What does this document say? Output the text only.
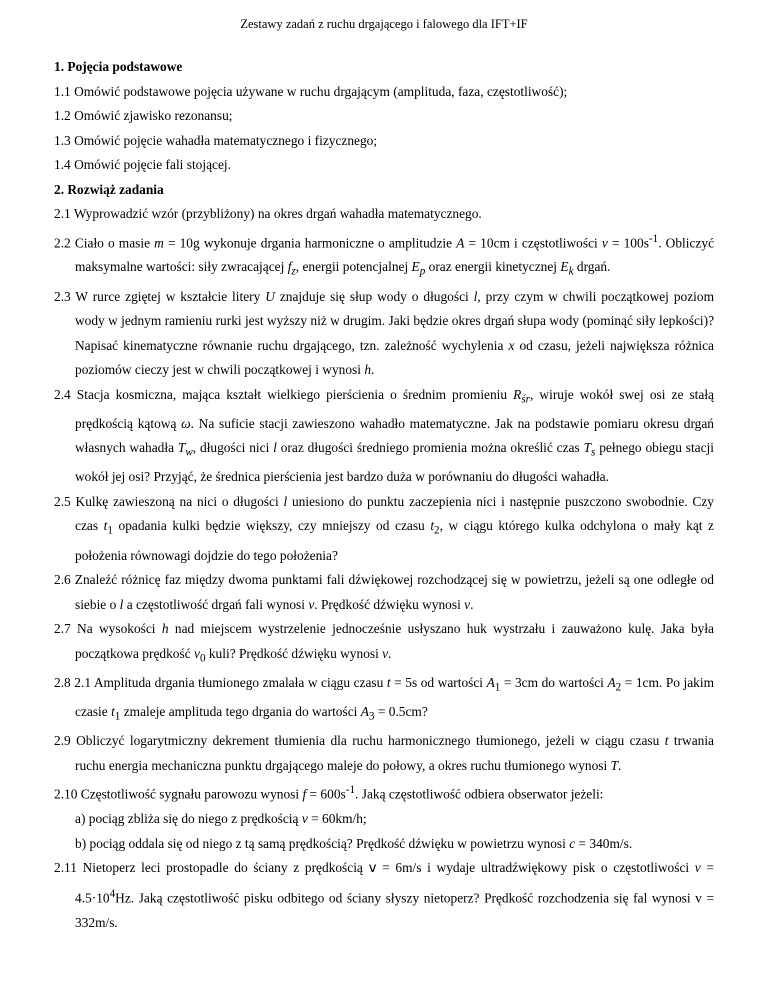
Zestawy zadań z ruchu drgającego i falowego dla IFT+IF

1. Pojęcia podstawowe

1.1 Omówić podstawowe pojęcia używane w ruchu drgającym (amplituda, faza, częstotliwość);

1.2 Omówić zjawisko rezonansu;

1.3 Omówić pojęcie wahadła matematycznego i fizycznego;

1.4 Omówić pojęcie fali stojącej.

2. Rozwiąż zadania

2.1 Wyprowadzić wzór (przybliżony) na okres drgań wahadła matematycznego.

2.2 Ciało o masie m = 10g wykonuje drgania harmoniczne o amplitudzie A = 10cm i częstotliwości $\nu = 100s^{-1}$. Obliczyć maksymalne wartości: siły zwracającej $f_z$, energii potencjalnej $E_p$ oraz energii kinetycznej $E_k$ drgań.

2.3 W rurce zgiętej w kształcie litery U znajduje się słup wody o długości l, przy czym w chwili początkowej poziom wody w jednym ramieniu rurki jest wyższy niż w drugim. Jaki będzie okres drgań słupa wody (pominąć siły lepkości)? Napisać kinematyczne równanie ruchu drgającego, tzn. zależność wychylenia x od czasu, jeżeli największa różnica poziomów cieczy jest w chwili początkowej i wynosi h.

2.4 Stacja kosmiczna, mająca kształt wielkiego pierścienia o średnim promieniu $R_{śr}$, wiruje wokół swej osi ze stałą prędkością kątową ω. Na suficie stacji zawieszono wahadło matematyczne. Jak na podstawie pomiaru okresu drgań własnych wahadła $T_w$, długości nici l oraz długości średniego promienia można określić czas $T_s$ pełnego obiegu stacji wokół jej osi? Przyjąć, że średnica pierścienia jest bardzo duża w porównaniu do długości wahadła.

2.5 Kulkę zawieszoną na nici o długości l uniesiono do punktu zaczepienia nici i następnie puszczono swobodnie. Czy czas $t_1$ opadania kulki będzie większy, czy mniejszy od czasu $t_2$, w ciągu którego kulka odchylona o mały kąt z położenia równowagi dojdzie do tego położenia?

2.6 Znaleźć różnicę faz między dwoma punktami fali dźwiękowej rozchodzącej się w powietrzu, jeżeli są one odległe od siebie o l a częstotliwość drgań fali wynosi ν. Prędkość dźwięku wynosi v.

2.7 Na wysokości h nad miejscem wystrzelenie jednocześnie usłyszano huk wystrzału i zauważono kulę. Jaka była początkowa prędkość $v_0$ kuli? Prędkość dźwięku wynosi v.

2.8 2.1 Amplituda drgania tłumionego zmalała w ciągu czasu t = 5s od wartości $A_1 = 3cm$ do wartości $A_2 = 1cm$. Po jakim czasie $t_1$ zmaleje amplituda tego drgania do wartości $A_3 = 0.5cm$?

2.9 Obliczyć logarytmiczny dekrement tłumienia dla ruchu harmonicznego tłumionego, jeżeli w ciągu czasu t trwania ruchu energia mechaniczna punktu drgającego maleje do połowy, a okres ruchu tłumionego wynosi T.

2.10 Częstotliwość sygnału parowozu wynosi $f = 600s^{-1}$. Jaką częstotliwość odbiera obserwator jeżeli:

a) pociąg zbliża się do niego z prędkością v = 60km/h;

b) pociąg oddala się od niego z tą samą prędkością? Prędkość dźwięku w powietrzu wynosi c = 340m/s.

2.11 Nietoperz leci prostopadle do ściany z prędkością v = 6m/s i wydaje ultradźwiękowy pisk o częstotliwości $\nu = 4.5\cdot 10^4Hz$. Jaką częstotliwość pisku odbitego od ściany słyszy nietoperz? Prędkość rozchodzenia się fal wynosi v = 332m/s.
